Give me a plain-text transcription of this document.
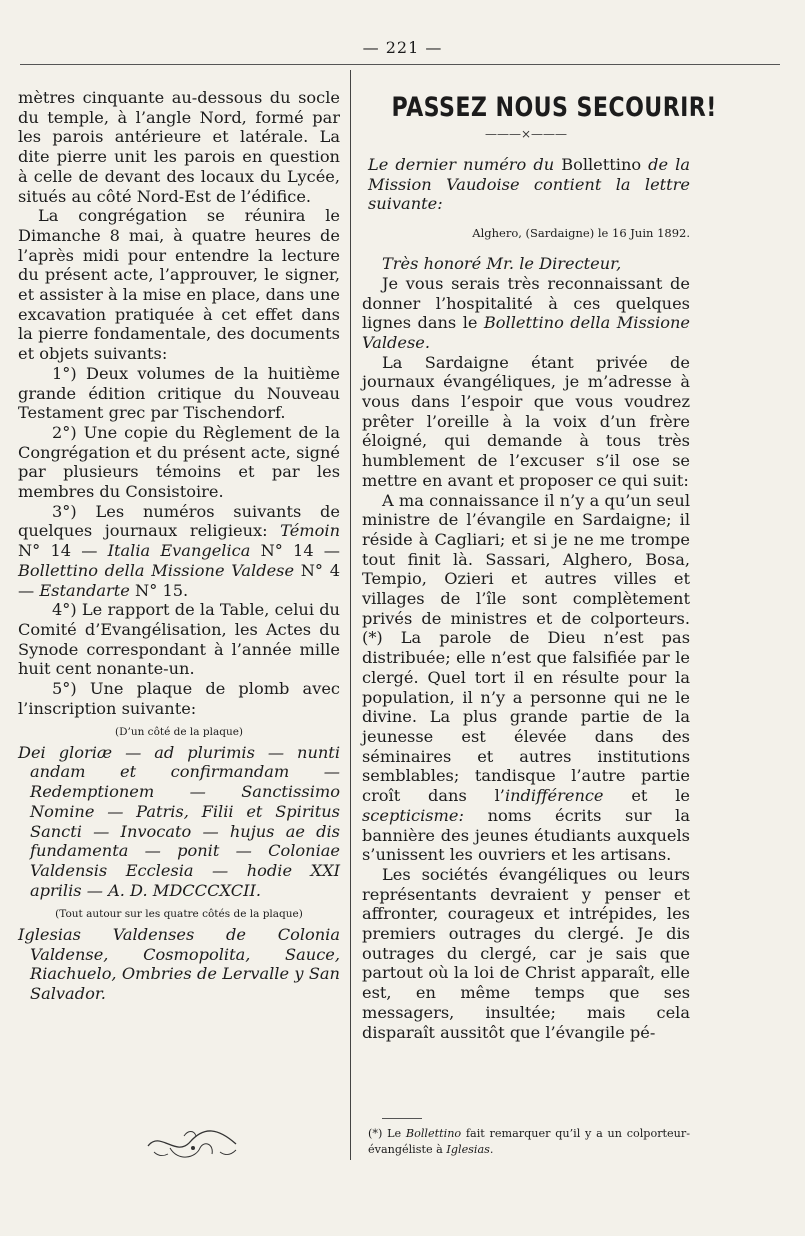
— 221 —

mètres cinquante au-dessous du socle du temple, à l’angle Nord, formé par les parois antérieure et latérale. La dite pierre unit les parois en question à celle de devant des locaux du Lycée, situés au côté Nord-Est de l’édifice.

La congrégation se réunira le Dimanche 8 mai, à quatre heures de l’après midi pour entendre la lecture du présent acte, l’approuver, le signer, et assister à la mise en place, dans une excavation pratiquée à cet effet dans la pierre fondamentale, des documents et objets suivants:

1°) Deux volumes de la huitième grande édition critique du Nouveau Testament grec par Tischendorf.

2°) Une copie du Règlement de la Congrégation et du présent acte, signé par plusieurs témoins et par les membres du Consistoire.

3°) Les numéros suivants de quelques journaux religieux: Témoin N° 14 — Italia Evangelica N° 14 — Bollettino della Missione Valdese N° 4 — Estandarte N° 15.

4°) Le rapport de la Table, celui du Comité d’Evangélisation, les Actes du Synode correspondant à l’année mille huit cent nonante-un.

5°) Une plaque de plomb avec l’inscription suivante:

(D’un côté de la plaque)

Dei gloriæ — ad plurimis — nunti andam et confirmandam — Redemptionem — Sanctissimo Nomine — Patris, Filii et Spiritus Sancti — Invocato — hujus ae dis fundamenta — ponit — Coloniae Valdensis Ecclesia — hodie XXI aprilis — A. D. MDCCCXCII.

(Tout autour sur les quatre côtés de la plaque)

Iglesias Valdenses de Colonia Valdense, Cosmopolita, Sauce, Riachuelo, Ombries de Lervalle y San Salvador.

PASSEZ NOUS SECOURIR!
———×———

Le dernier numéro du Bollettino de la Mission Vaudoise contient la lettre suivante:

Alghero, (Sardaigne) le 16 Juin 1892.

Très honoré Mr. le Directeur,

Je vous serais très reconnaissant de donner l’hospitalité à ces quelques lignes dans le Bollettino della Missione Valdese.

La Sardaigne étant privée de journaux évangéliques, je m’adresse à vous dans l’espoir que vous voudrez prêter l’oreille à la voix d’un frère éloigné, qui demande à tous très humblement de l’excuser s’il ose se mettre en avant et proposer ce qui suit:

A ma connaissance il n’y a qu’un seul ministre de l’évangile en Sardaigne; il réside à Cagliari; et si je ne me trompe tout finit là. Sassari, Alghero, Bosa, Tempio, Ozieri et autres villes et villages de l’île sont complètement privés de ministres et de colporteurs.(*) La parole de Dieu n’est pas distribuée; elle n’est que falsifiée par le clergé. Quel tort il en résulte pour la population, il n’y a personne qui ne le divine. La plus grande partie de la jeunesse est élevée dans des séminaires et autres institutions semblables; tandisque l’autre partie croît dans l’indifférence et le scepticisme: noms écrits sur la bannière des jeunes étudiants auxquels s’unissent les ouvriers et les artisans.

Les sociétés évangéliques ou leurs représentants devraient y penser et affronter, courageux et intrépides, les premiers outrages du clergé. Je dis outrages du clergé, car je sais que partout où la loi de Christ apparaît, elle est, en même temps que ses messagers, insultée; mais cela disparaît aussitôt que l’évangile pé-

(*) Le Bollettino fait remarquer qu’il y a un colporteur-évangéliste à Iglesias.
